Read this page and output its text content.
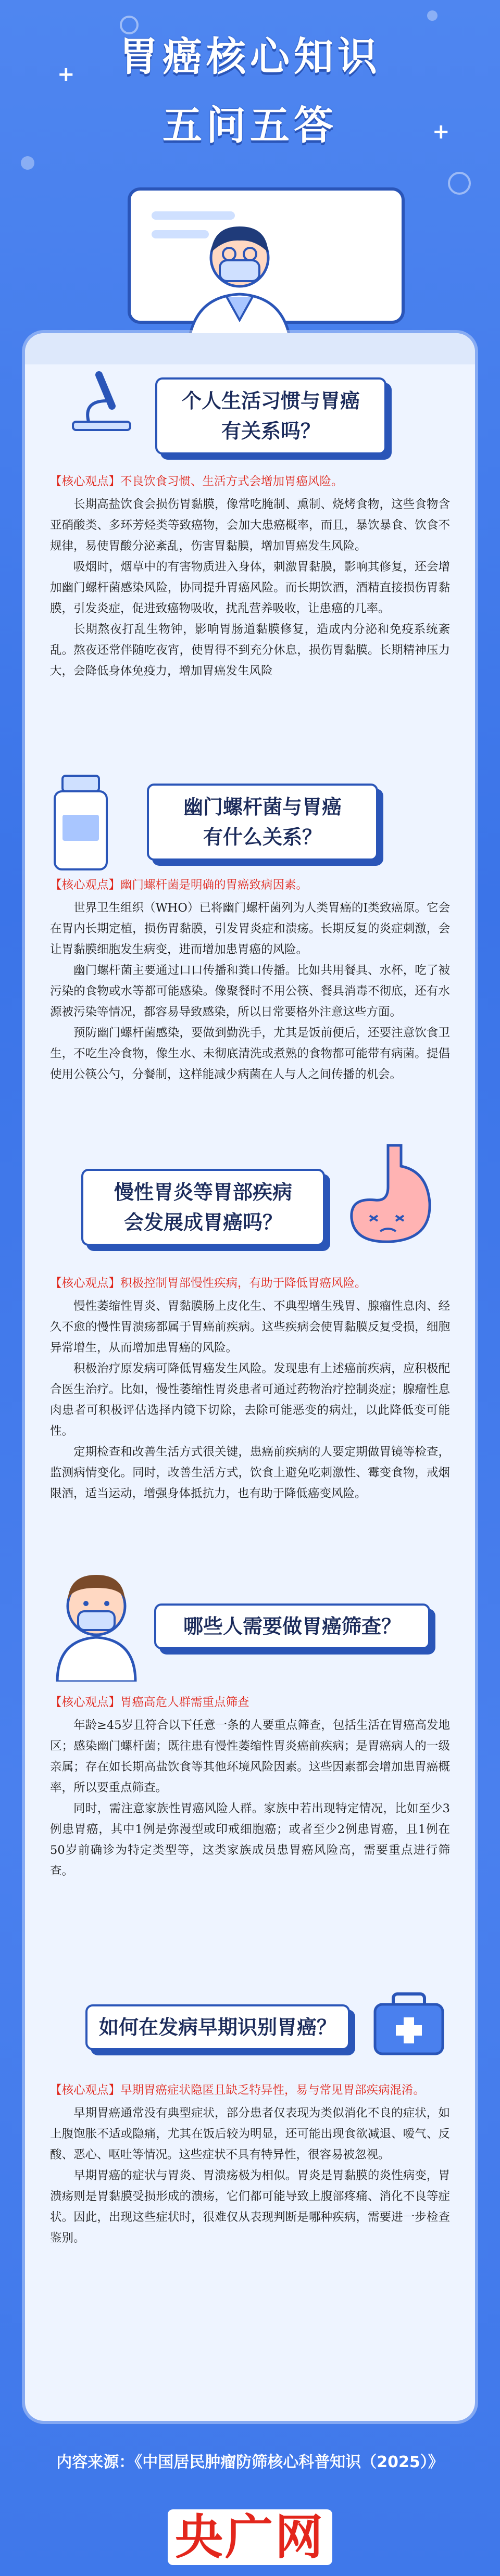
+
+
胃癌核心知识
五问五答
个人生活习惯与胃癌
有关系吗？

【核心观点】不良饮食习惯、生活方式会增加胃癌风险。

长期高盐饮食会损伤胃黏膜，像常吃腌制、熏制、烧烤食物，这些食物含亚硝酸类、多环芳烃类等致癌物，会加大患癌概率，而且，暴饮暴食、饮食不规律，易使胃酸分泌紊乱，伤害胃黏膜，增加胃癌发生风险。

吸烟时，烟草中的有害物质进入身体，刺激胃黏膜，影响其修复，还会增加幽门螺杆菌感染风险，协同提升胃癌风险。而长期饮酒，酒精直接损伤胃黏膜，引发炎症，促进致癌物吸收，扰乱营养吸收，让患癌的几率。

长期熬夜打乱生物钟，影响胃肠道黏膜修复，造成内分泌和免疫系统紊乱。熬夜还常伴随吃夜宵，使胃得不到充分休息，损伤胃黏膜。长期精神压力大，会降低身体免疫力，增加胃癌发生风险

幽门螺杆菌与胃癌
有什么关系？

【核心观点】幽门螺杆菌是明确的胃癌致病因素。

世界卫生组织（WHO）已将幽门螺杆菌列为人类胃癌的I类致癌原。它会在胃内长期定植，损伤胃黏膜，引发胃炎症和溃疡。长期反复的炎症刺激，会让胃黏膜细胞发生病变，进而增加患胃癌的风险。

幽门螺杆菌主要通过口口传播和粪口传播。比如共用餐具、水杯，吃了被污染的食物或水等都可能感染。像聚餐时不用公筷、餐具消毒不彻底，还有水源被污染等情况，都容易导致感染，所以日常要格外注意这些方面。

预防幽门螺杆菌感染，要做到勤洗手，尤其是饭前便后，还要注意饮食卫生，不吃生冷食物，像生水、未彻底清洗或煮熟的食物都可能带有病菌。提倡使用公筷公勺，分餐制，这样能减少病菌在人与人之间传播的机会。

慢性胃炎等胃部疾病
会发展成胃癌吗？

【核心观点】积极控制胃部慢性疾病，有助于降低胃癌风险。

慢性萎缩性胃炎、胃黏膜肠上皮化生、不典型增生残胃、腺瘤性息肉、经久不愈的慢性胃溃疡都属于胃癌前疾病。这些疾病会使胃黏膜反复受损，细胞异常增生，从而增加患胃癌的风险。

积极治疗原发病可降低胃癌发生风险。发现患有上述癌前疾病，应积极配合医生治疗。比如，慢性萎缩性胃炎患者可通过药物治疗控制炎症；腺瘤性息肉患者可积极评估选择内镜下切除，去除可能恶变的病灶，以此降低变可能性。

定期检查和改善生活方式很关键，患癌前疾病的人要定期做胃镜等检查，监测病情变化。同时，改善生活方式，饮食上避免吃刺激性、霉变食物，戒烟限酒，适当运动，增强身体抵抗力，也有助于降低癌变风险。

哪些人需要做胃癌筛查？

【核心观点】胃癌高危人群需重点筛查

年龄≥45岁且符合以下任意一条的人要重点筛查，包括生活在胃癌高发地区；感染幽门螺杆菌；既往患有慢性萎缩性胃炎癌前疾病；是胃癌病人的一级亲属；存在如长期高盐饮食等其他环境风险因素。这些因素都会增加患胃癌概率，所以要重点筛查。

同时，需注意家族性胃癌风险人群。家族中若出现特定情况，比如至少3例患胃癌，其中1例是弥漫型或印戒细胞癌；或者至少2例患胃癌，且1例在50岁前确诊为特定类型等，这类家族成员患胃癌风险高，需要重点进行筛查。

如何在发病早期识别胃癌？

【核心观点】早期胃癌症状隐匿且缺乏特异性，易与常见胃部疾病混淆。

早期胃癌通常没有典型症状，部分患者仅表现为类似消化不良的症状，如上腹饱胀不适或隐痛，尤其在饭后较为明显，还可能出现食欲减退、嗳气、反酸、恶心、呕吐等情况。这些症状不具有特异性，很容易被忽视。

早期胃癌的症状与胃炎、胃溃疡极为相似。胃炎是胃黏膜的炎性病变，胃溃疡则是胃黏膜受损形成的溃疡，它们都可能导致上腹部疼痛、消化不良等症状。因此，出现这些症状时，很难仅从表现判断是哪种疾病，需要进一步检查鉴别。

内容来源：《中国居民肿瘤防筛核心科普知识（2025）》
央广网
